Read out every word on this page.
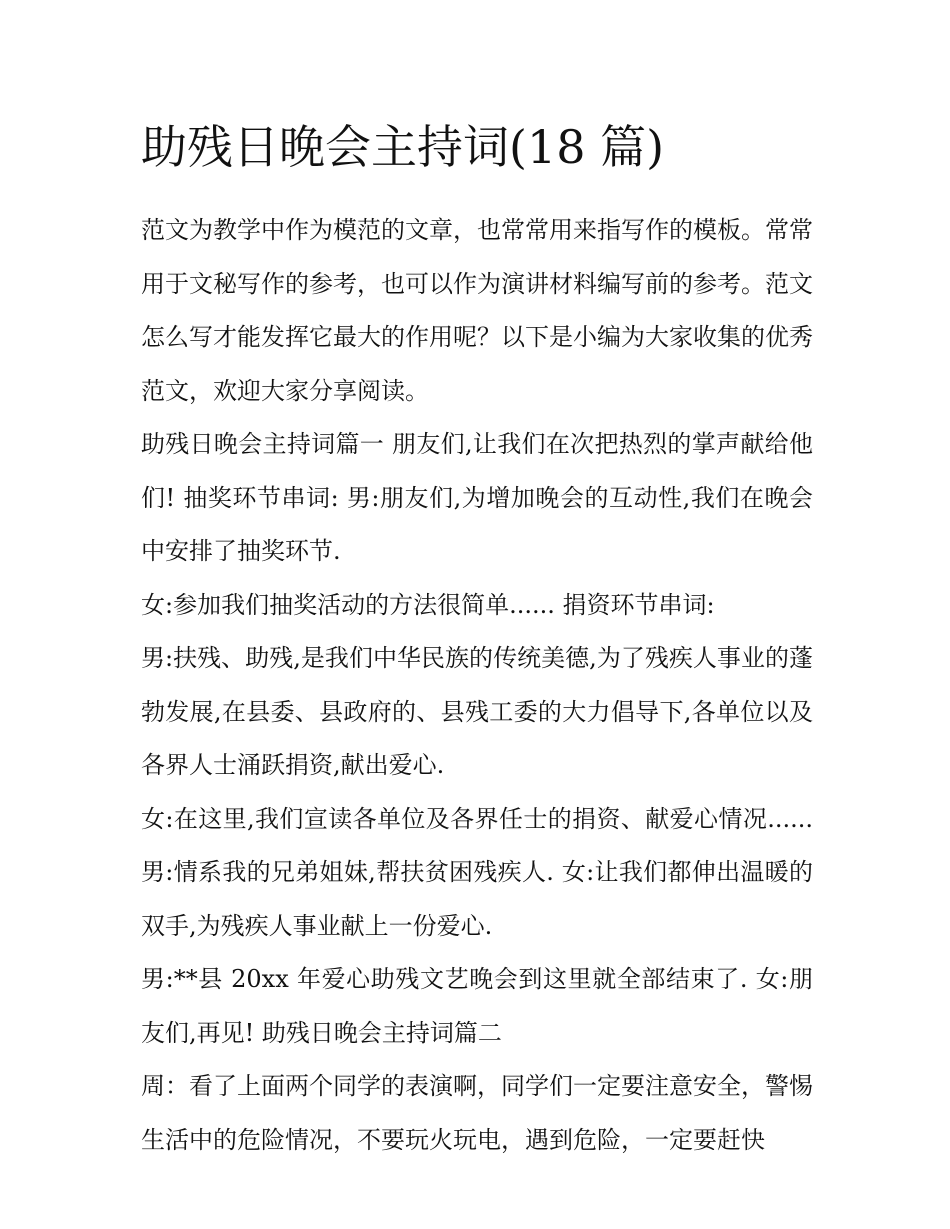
助残日晚会主持词(18 篇)

范文为教学中作为模范的文章，也常常用来指写作的模板。常常用于文秘写作的参考，也可以作为演讲材料编写前的参考。范文怎么写才能发挥它最大的作用呢？以下是小编为大家收集的优秀范文，欢迎大家分享阅读。

助残日晚会主持词篇一 朋友们,让我们在次把热烈的掌声献给他们! 抽奖环节串词: 男:朋友们,为增加晚会的互动性,我们在晚会中安排了抽奖环节.

女:参加我们抽奖活动的方法很简单...... 捐资环节串词:

男:扶残、助残,是我们中华民族的传统美德,为了残疾人事业的蓬勃发展,在县委、县政府的、县残工委的大力倡导下,各单位以及各界人士涌跃捐资,献出爱心.

女:在这里,我们宣读各单位及各界任士的捐资、献爱心情况...... 男:情系我的兄弟姐妹,帮扶贫困残疾人. 女:让我们都伸出温暖的双手,为残疾人事业献上一份爱心.

男:**县 20xx 年爱心助残文艺晚会到这里就全部结束了. 女:朋友们,再见! 助残日晚会主持词篇二

周：看了上面两个同学的表演啊，同学们一定要注意安全，警惕生活中的危险情况，不要玩火玩电，遇到危险，一定要赶快
